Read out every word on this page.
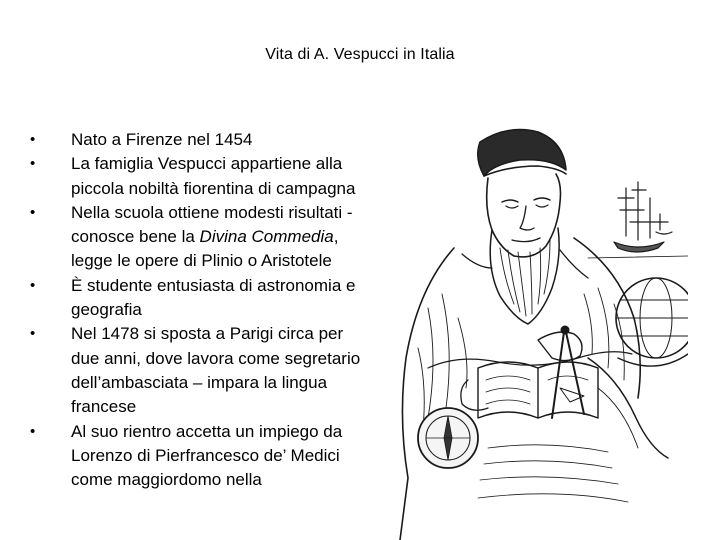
Vita di A. Vespucci in Italia
•	Nato a Firenze nel 1454
•	La famiglia Vespucci appartiene alla piccola nobiltà fiorentina di campagna
•	Nella scuola ottiene modesti risultati - conosce bene la Divina Commedia, legge le opere di Plinio o Aristotele
•	È studente entusiasta di astronomia e geografia
•	Nel 1478 si sposta a Parigi circa per due anni, dove lavora come segretario dell’ambasciata – impara la lingua francese
•	Al suo rientro accetta un impiego da Lorenzo di Pierfrancesco de’ Medici come maggiordomo nella
